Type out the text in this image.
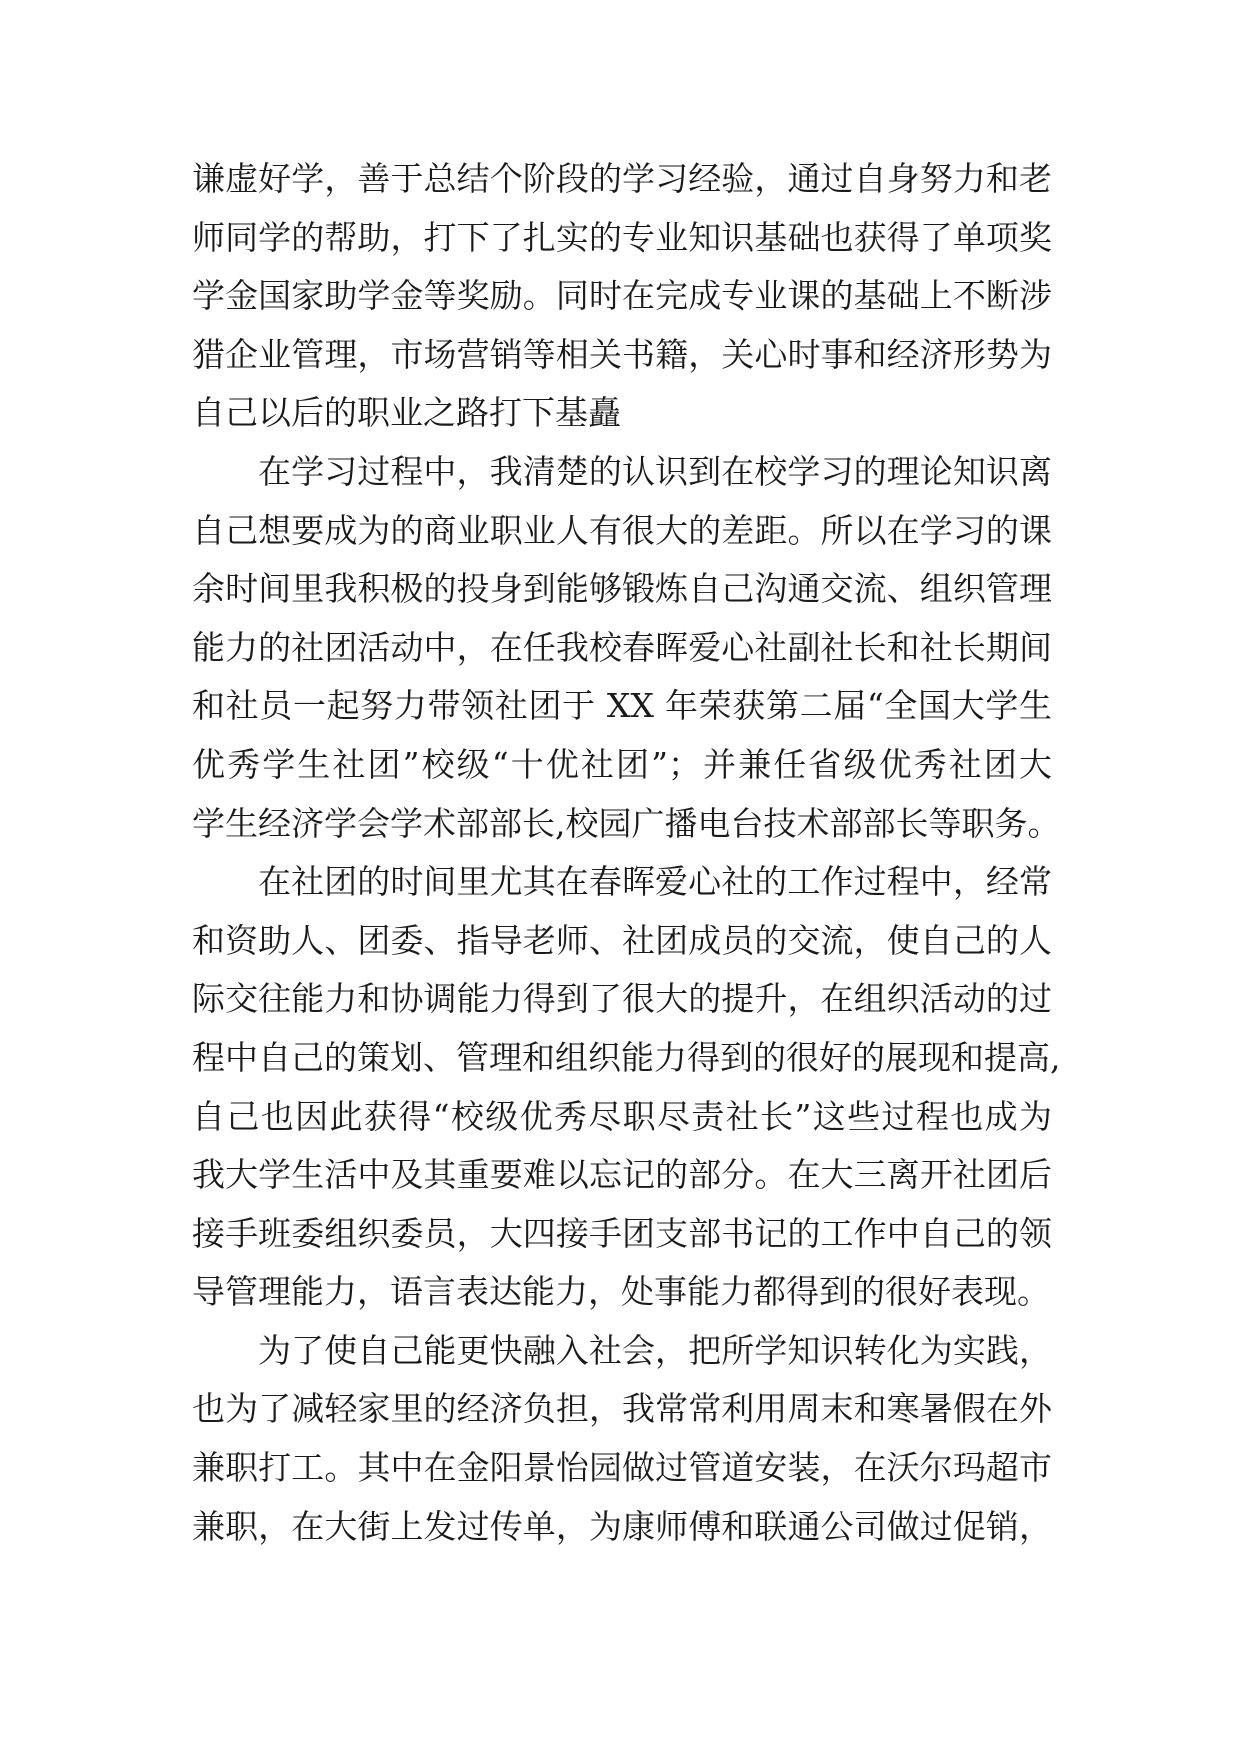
谦虚好学，善于总结个阶段的学习经验，通过自身努力和老
师同学的帮助，打下了扎实的专业知识基础也获得了单项奖
学金国家助学金等奖励。同时在完成专业课的基础上不断涉
猎企业管理，市场营销等相关书籍，关心时事和经济形势为
自己以后的职业之路打下基矗
在学习过程中，我清楚的认识到在校学习的理论知识离
自己想要成为的商业职业人有很大的差距。所以在学习的课
余时间里我积极的投身到能够锻炼自己沟通交流、组织管理
能力的社团活动中，在任我校春晖爱心社副社长和社长期间
和社员一起努力带领社团于 XX 年荣获第二届“全国大学生
优秀学生社团”校级“十优社团”；并兼任省级优秀社团大
学生经济学会学术部部长,校园广播电台技术部部长等职务。
在社团的时间里尤其在春晖爱心社的工作过程中，经常
和资助人、团委、指导老师、社团成员的交流，使自己的人
际交往能力和协调能力得到了很大的提升，在组织活动的过
程中自己的策划、管理和组织能力得到的很好的展现和提高,
自己也因此获得“校级优秀尽职尽责社长”这些过程也成为
我大学生活中及其重要难以忘记的部分。在大三离开社团后
接手班委组织委员，大四接手团支部书记的工作中自己的领
导管理能力，语言表达能力，处事能力都得到的很好表现。
为了使自己能更快融入社会，把所学知识转化为实践，
也为了减轻家里的经济负担，我常常利用周末和寒暑假在外
兼职打工。其中在金阳景怡园做过管道安装，在沃尔玛超市
兼职，在大街上发过传单，为康师傅和联通公司做过促销，
